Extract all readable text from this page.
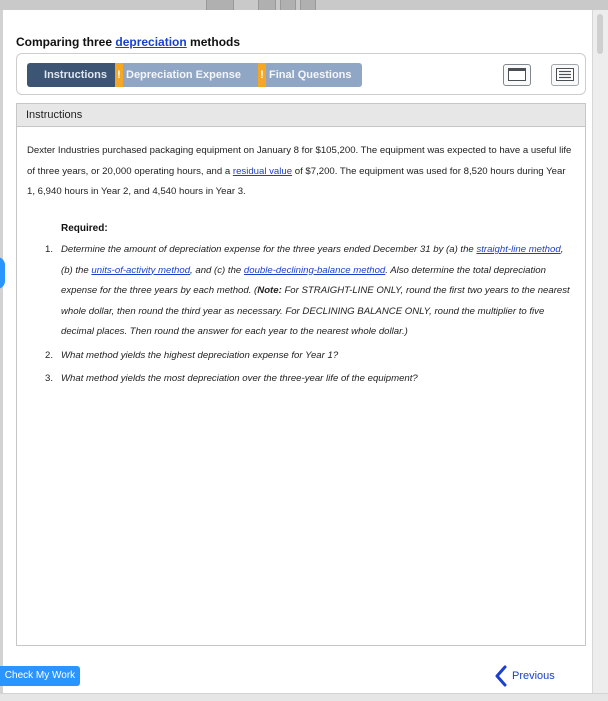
Comparing three depreciation methods
Instructions ! Depreciation Expense	! Final Questions
Instructions

Dexter Industries purchased packaging equipment on January 8 for $105,200. The equipment was expected to have a useful life of three years, or 20,000 operating hours, and a residual value of $7,200. The equipment was used for 8,520 hours during Year 1, 6,940 hours in Year 2, and 4,540 hours in Year 3.

Required:

1. Determine the amount of depreciation expense for the three years ended December 31 by (a) the straight-line method, (b) the units-of-activity method, and (c) the double-declining-balance method. Also determine the total depreciation expense for the three years by each method. (Note: For STRAIGHT-LINE ONLY, round the first two years to the nearest whole dollar, then round the third year as necessary. For DECLINING BALANCE ONLY, round the multiplier to five decimal places. Then round the answer for each year to the nearest whole dollar.)
2. What method yields the highest depreciation expense for Year 1?
3. What method yields the most depreciation over the three-year life of the equipment?
Check My Work	Previous
